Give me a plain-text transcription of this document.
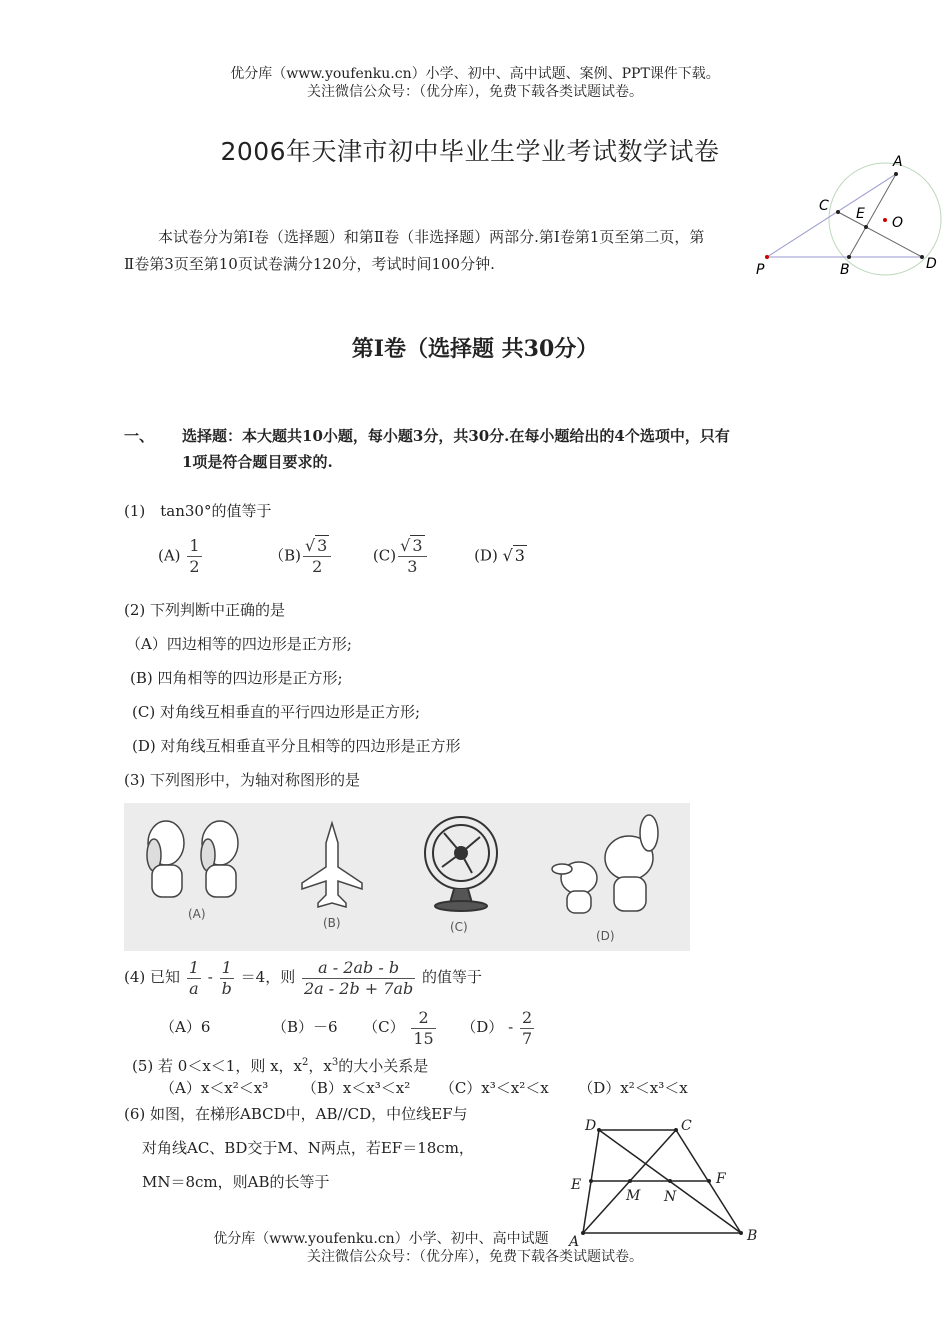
优分库（www.youfenku.cn）小学、初中、高中试题、案例、PPT课件下载。
关注微信公众号：（优分库），免费下载各类试题试卷。
2006年天津市初中毕业生学业考试数学试卷	A
C E
O
P	B	D
本试卷分为第Ⅰ卷（选择题）和第Ⅱ卷（非选择题）两部分.第Ⅰ卷第1页至第二页，第
Ⅱ卷第3页至第10页试卷满分120分，考试时间100分钟.
第Ⅰ卷（选择题 共30分）
一、 选择题：本大题共10小题，每小题3分，共30分.在每小题给出的4个选项中，只有
1项是符合题目要求的.
(1)　tan30°的值等于
$(A) \frac{1}{2}$	$(B) \frac{√ 3}{2}$	$(C) \frac{√ 3}{3}$	(D) √ 3
(2) 下列判断中正确的是
（A）四边相等的四边形是正方形;
(B) 四角相等的四边形是正方形;
(C) 对角线互相垂直的平行四边形是正方形;
(D) 对角线互相垂直平分且相等的四边形是正方形
(3) 下列图形中，为轴对称图形的是
(A)
(B)	(C)
(D)
(4) 已知 $\frac{1}{a} - \frac{1}{b} =4$，则 $\frac{a - 2ab - b}{2a - 2b + 7ab}$ 的值等于
（A）6	（B）－6 $(C) \frac{2}{15} (D) - \frac{2}{7}$
(5) 若 0＜x＜1，则 x，$x^2$，$x^3$的大小关系是
（A）x＜x²＜x³ （B）x＜x³＜x² （C）x³＜x²＜x （D）x²＜x³＜x
(6) 如图，在梯形ABCD中，AB//CD，中位线EF与
对角线AC、BD交于M、N两点，若EF＝18cm，
MN＝8cm，则AB的长等于
D	C
E	F
M N
A	B
优分库（www.youfenku.cn）小学、初中、高中试题
关注微信公众号：（优分库），免费下载各类试题试卷。
